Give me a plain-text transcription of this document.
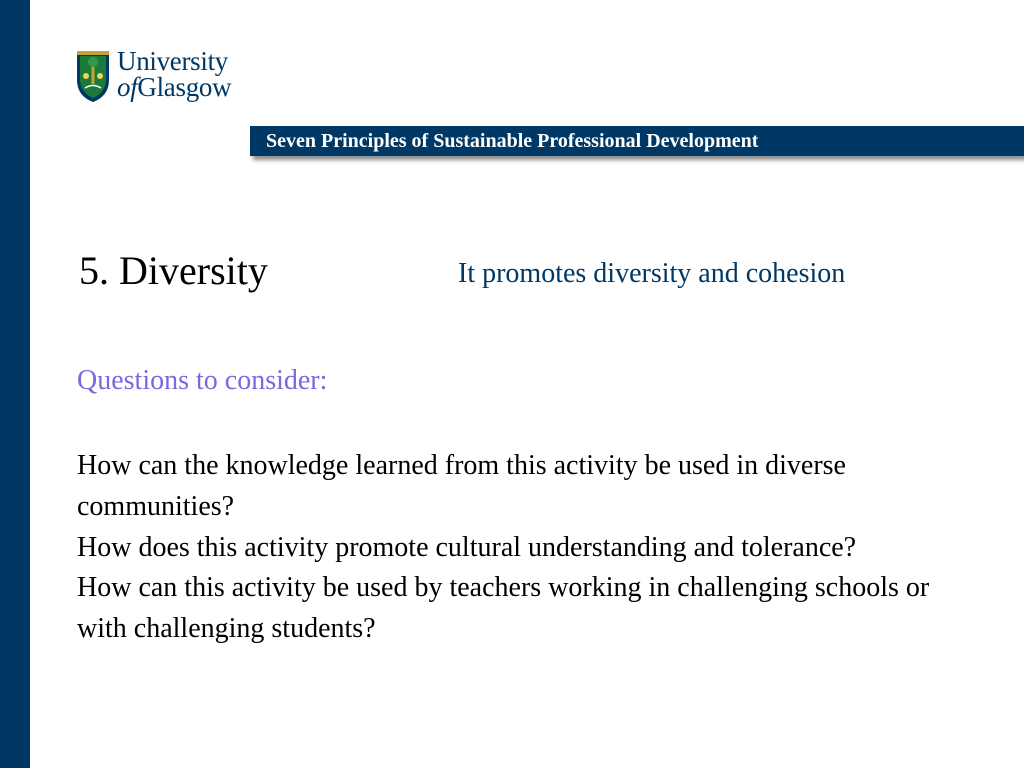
University
ofGlasgow
Seven Principles of Sustainable Professional Development
5. Diversity	It promotes diversity and cohesion
Questions to consider:

How can the knowledge learned from this activity be used in diverse communities?

How does this activity promote cultural understanding and tolerance?

How can this activity be used by teachers working in challenging schools or with challenging students?
